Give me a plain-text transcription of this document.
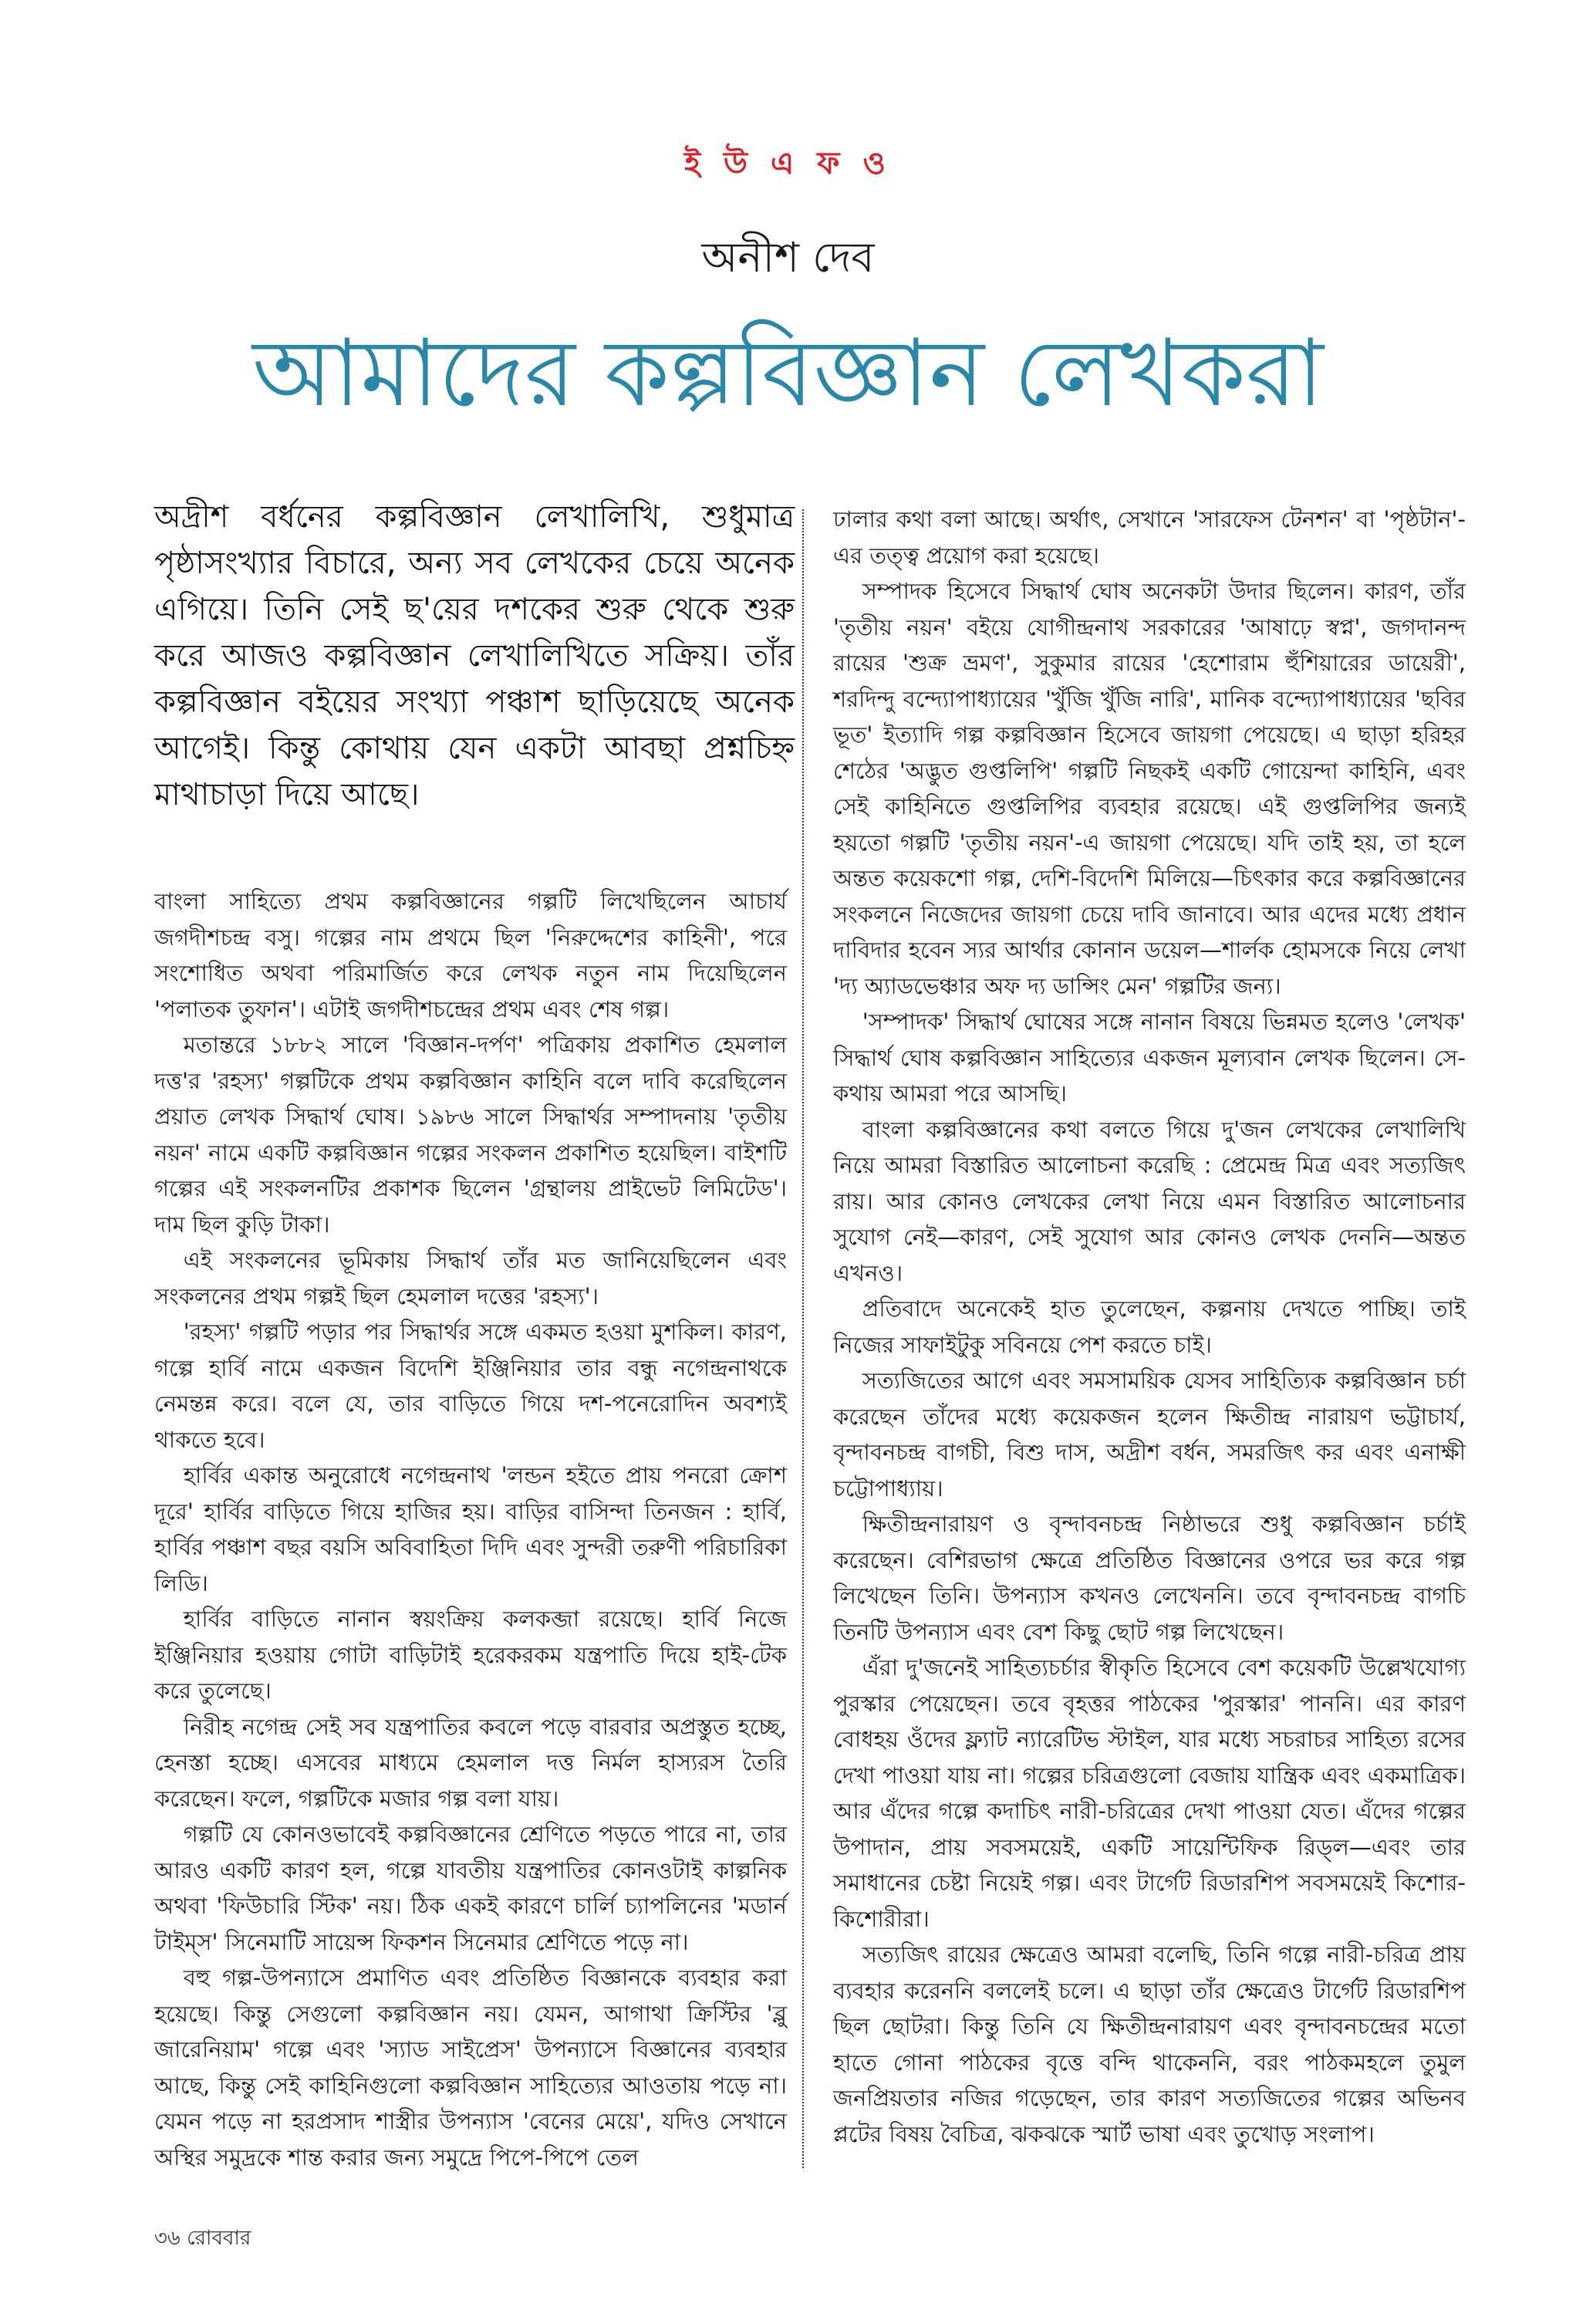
ই উ এ ফ ও
অনীশ দেব
আমাদের কল্পবিজ্ঞান লেখকরা
অদ্রীশ বর্ধনের কল্পবিজ্ঞান লেখালিখি, শুধুমাত্র পৃষ্ঠাসংখ্যার বিচারে, অন্য সব লেখকের চেয়ে অনেক এগিয়ে। তিনি সেই ছ'য়ের দশকের শুরু থেকে শুরু করে আজও কল্পবিজ্ঞান লেখালিখিতে সক্রিয়। তাঁর কল্পবিজ্ঞান বইয়ের সংখ্যা পঞ্চাশ ছাড়িয়েছে অনেক আগেই। কিন্তু কোথায় যেন একটা আবছা প্রশ্নচিহ্ন মাথাচাড়া দিয়ে আছে।

বাংলা সাহিত্যে প্রথম কল্পবিজ্ঞানের গল্পটি লিখেছিলেন আচার্য জগদীশচন্দ্র বসু। গল্পের নাম প্রথমে ছিল 'নিরুদ্দেশের কাহিনী', পরে সংশোধিত অথবা পরিমার্জিত করে লেখক নতুন নাম দিয়েছিলেন 'পলাতক তুফান'। এটাই জগদীশচন্দ্রের প্রথম এবং শেষ গল্প।

মতান্তরে ১৮৮২ সালে 'বিজ্ঞান-দর্পণ' পত্রিকায় প্রকাশিত হেমলাল দত্ত'র 'রহস্য' গল্পটিকে প্রথম কল্পবিজ্ঞান কাহিনি বলে দাবি করেছিলেন প্রয়াত লেখক সিদ্ধার্থ ঘোষ। ১৯৮৬ সালে সিদ্ধার্থর সম্পাদনায় 'তৃতীয় নয়ন' নামে একটি কল্পবিজ্ঞান গল্পের সংকলন প্রকাশিত হয়েছিল। বাইশটি গল্পের এই সংকলনটির প্রকাশক ছিলেন 'গ্রন্থালয় প্রাইভেট লিমিটেড'। দাম ছিল কুড়ি টাকা।

এই সংকলনের ভূমিকায় সিদ্ধার্থ তাঁর মত জানিয়েছিলেন এবং সংকলনের প্রথম গল্পই ছিল হেমলাল দত্তের 'রহস্য'।

'রহস্য' গল্পটি পড়ার পর সিদ্ধার্থর সঙ্গে একমত হওয়া মুশকিল। কারণ, গল্পে হার্বি নামে একজন বিদেশি ইঞ্জিনিয়ার তার বন্ধু নগেন্দ্রনাথকে নেমন্তন্ন করে। বলে যে, তার বাড়িতে গিয়ে দশ-পনেরোদিন অবশ্যই থাকতে হবে।

হার্বির একান্ত অনুরোধে নগেন্দ্রনাথ 'লন্ডন হইতে প্রায় পনরো ক্রোশ দূরে' হার্বির বাড়িতে গিয়ে হাজির হয়। বাড়ির বাসিন্দা তিনজন : হার্বি, হার্বির পঞ্চাশ বছর বয়সি অবিবাহিতা দিদি এবং সুন্দরী তরুণী পরিচারিকা লিডি।

হার্বির বাড়িতে নানান স্বয়ংক্রিয় কলকব্জা রয়েছে। হার্বি নিজে ইঞ্জিনিয়ার হওয়ায় গোটা বাড়িটাই হরেকরকম যন্ত্রপাতি দিয়ে হাই-টেক করে তুলেছে।

নিরীহ নগেন্দ্র সেই সব যন্ত্রপাতির কবলে পড়ে বারবার অপ্রস্তুত হচ্ছে, হেনস্তা হচ্ছে। এসবের মাধ্যমে হেমলাল দত্ত নির্মল হাস্যরস তৈরি করেছেন। ফলে, গল্পটিকে মজার গল্প বলা যায়।

গল্পটি যে কোনওভাবেই কল্পবিজ্ঞানের শ্রেণিতে পড়তে পারে না, তার আরও একটি কারণ হল, গল্পে যাবতীয় যন্ত্রপাতির কোনওটাই কাল্পনিক অথবা 'ফিউচারি স্টিক' নয়। ঠিক একই কারণে চার্লি চ্যাপলিনের 'মডার্ন টাইম্‌স' সিনেমাটি সায়েন্স ফিকশন সিনেমার শ্রেণিতে পড়ে না।

বহু গল্প-উপন্যাসে প্রমাণিত এবং প্রতিষ্ঠিত বিজ্ঞানকে ব্যবহার করা হয়েছে। কিন্তু সেগুলো কল্পবিজ্ঞান নয়। যেমন, আগাথা ক্রিস্টির 'ব্লু জারেনিয়াম' গল্পে এবং 'স্যাড সাইপ্রেস' উপন্যাসে বিজ্ঞানের ব্যবহার আছে, কিন্তু সেই কাহিনিগুলো কল্পবিজ্ঞান সাহিত্যের আওতায় পড়ে না। যেমন পড়ে না হরপ্রসাদ শাস্ত্রীর উপন্যাস 'বেনের মেয়ে', যদিও সেখানে অস্থির সমুদ্রকে শান্ত করার জন্য সমুদ্রে পিপে-পিপে তেল

ঢালার কথা বলা আছে। অর্থাৎ, সেখানে 'সারফেস টেনশন' বা 'পৃষ্ঠটান'-এর তত্ত্ব প্রয়োগ করা হয়েছে।

সম্পাদক হিসেবে সিদ্ধার্থ ঘোষ অনেকটা উদার ছিলেন। কারণ, তাঁর 'তৃতীয় নয়ন' বইয়ে যোগীন্দ্রনাথ সরকারের 'আষাঢ়ে স্বপ্ন', জগদানন্দ রায়ের 'শুক্র ভ্রমণ', সুকুমার রায়ের 'হেশোরাম হুঁশিয়ারের ডায়েরী', শরদিন্দু বন্দ্যোপাধ্যায়ের 'খুঁজি খুঁজি নারি', মানিক বন্দ্যোপাধ্যায়ের 'ছবির ভূত' ইত্যাদি গল্প কল্পবিজ্ঞান হিসেবে জায়গা পেয়েছে। এ ছাড়া হরিহর শেঠের 'অদ্ভুত গুপ্তলিপি' গল্পটি নিছকই একটি গোয়েন্দা কাহিনি, এবং সেই কাহিনিতে গুপ্তলিপির ব্যবহার রয়েছে। এই গুপ্তলিপির জন্যই হয়তো গল্পটি 'তৃতীয় নয়ন'-এ জায়গা পেয়েছে। যদি তাই হয়, তা হলে অন্তত কয়েকশো গল্প, দেশি-বিদেশি মিলিয়ে—চিৎকার করে কল্পবিজ্ঞানের সংকলনে নিজেদের জায়গা চেয়ে দাবি জানাবে। আর এদের মধ্যে প্রধান দাবিদার হবেন স্যর আর্থার কোনান ডয়েল—শার্লক হোমসকে নিয়ে লেখা 'দ্য অ্যাডভেঞ্চার অফ দ্য ডান্সিং মেন' গল্পটির জন্য।

'সম্পাদক' সিদ্ধার্থ ঘোষের সঙ্গে নানান বিষয়ে ভিন্নমত হলেও 'লেখক' সিদ্ধার্থ ঘোষ কল্পবিজ্ঞান সাহিত্যের একজন মূল্যবান লেখক ছিলেন। সে-কথায় আমরা পরে আসছি।

বাংলা কল্পবিজ্ঞানের কথা বলতে গিয়ে দু'জন লেখকের লেখালিখি নিয়ে আমরা বিস্তারিত আলোচনা করেছি : প্রেমেন্দ্র মিত্র এবং সত্যজিৎ রায়। আর কোনও লেখকের লেখা নিয়ে এমন বিস্তারিত আলোচনার সুযোগ নেই—কারণ, সেই সুযোগ আর কোনও লেখক দেননি—অন্তত এখনও।

প্রতিবাদে অনেকেই হাত তুলেছেন, কল্পনায় দেখতে পাচ্ছি। তাই নিজের সাফাইটুকু সবিনয়ে পেশ করতে চাই।

সত্যজিতের আগে এবং সমসাময়িক যেসব সাহিত্যিক কল্পবিজ্ঞান চর্চা করেছেন তাঁদের মধ্যে কয়েকজন হলেন ক্ষিতীন্দ্র নারায়ণ ভট্টাচার্য, বৃন্দাবনচন্দ্র বাগচী, বিশু দাস, অদ্রীশ বর্ধন, সমরজিৎ কর এবং এনাক্ষী চট্টোপাধ্যায়।

ক্ষিতীন্দ্রনারায়ণ ও বৃন্দাবনচন্দ্র নিষ্ঠাভরে শুধু কল্পবিজ্ঞান চর্চাই করেছেন। বেশিরভাগ ক্ষেত্রে প্রতিষ্ঠিত বিজ্ঞানের ওপরে ভর করে গল্প লিখেছেন তিনি। উপন্যাস কখনও লেখেননি। তবে বৃন্দাবনচন্দ্র বাগচি তিনটি উপন্যাস এবং বেশ কিছু ছোট গল্প লিখেছেন।

এঁরা দু'জনেই সাহিত্যচর্চার স্বীকৃতি হিসেবে বেশ কয়েকটি উল্লেখযোগ্য পুরস্কার পেয়েছেন। তবে বৃহত্তর পাঠকের 'পুরস্কার' পাননি। এর কারণ বোধহয় ওঁদের ফ্ল্যাট ন্যারেটিভ স্টাইল, যার মধ্যে সচরাচর সাহিত্য রসের দেখা পাওয়া যায় না। গল্পের চরিত্রগুলো বেজায় যান্ত্রিক এবং একমাত্রিক। আর এঁদের গল্পে কদাচিৎ নারী-চরিত্রের দেখা পাওয়া যেত। এঁদের গল্পের উপাদান, প্রায় সবসময়েই, একটি সায়েন্টিফিক রিড্ল—এবং তার সমাধানের চেষ্টা নিয়েই গল্প। এবং টার্গেট রিডারশিপ সবসময়েই কিশোর-কিশোরীরা।

সত্যজিৎ রায়ের ক্ষেত্রেও আমরা বলেছি, তিনি গল্পে নারী-চরিত্র প্রায় ব্যবহার করেননি বললেই চলে। এ ছাড়া তাঁর ক্ষেত্রেও টার্গেট রিডারশিপ ছিল ছোটরা। কিন্তু তিনি যে ক্ষিতীন্দ্রনারায়ণ এবং বৃন্দাবনচন্দ্রের মতো হাতে গোনা পাঠকের বৃত্তে বন্দি থাকেননি, বরং পাঠকমহলে তুমুল জনপ্রিয়তার নজির গড়েছেন, তার কারণ সত্যজিতের গল্পের অভিনব প্লটের বিষয় বৈচিত্র, ঝকঝকে স্মার্ট ভাষা এবং তুখোড় সংলাপ।

৩৬ রোববার
